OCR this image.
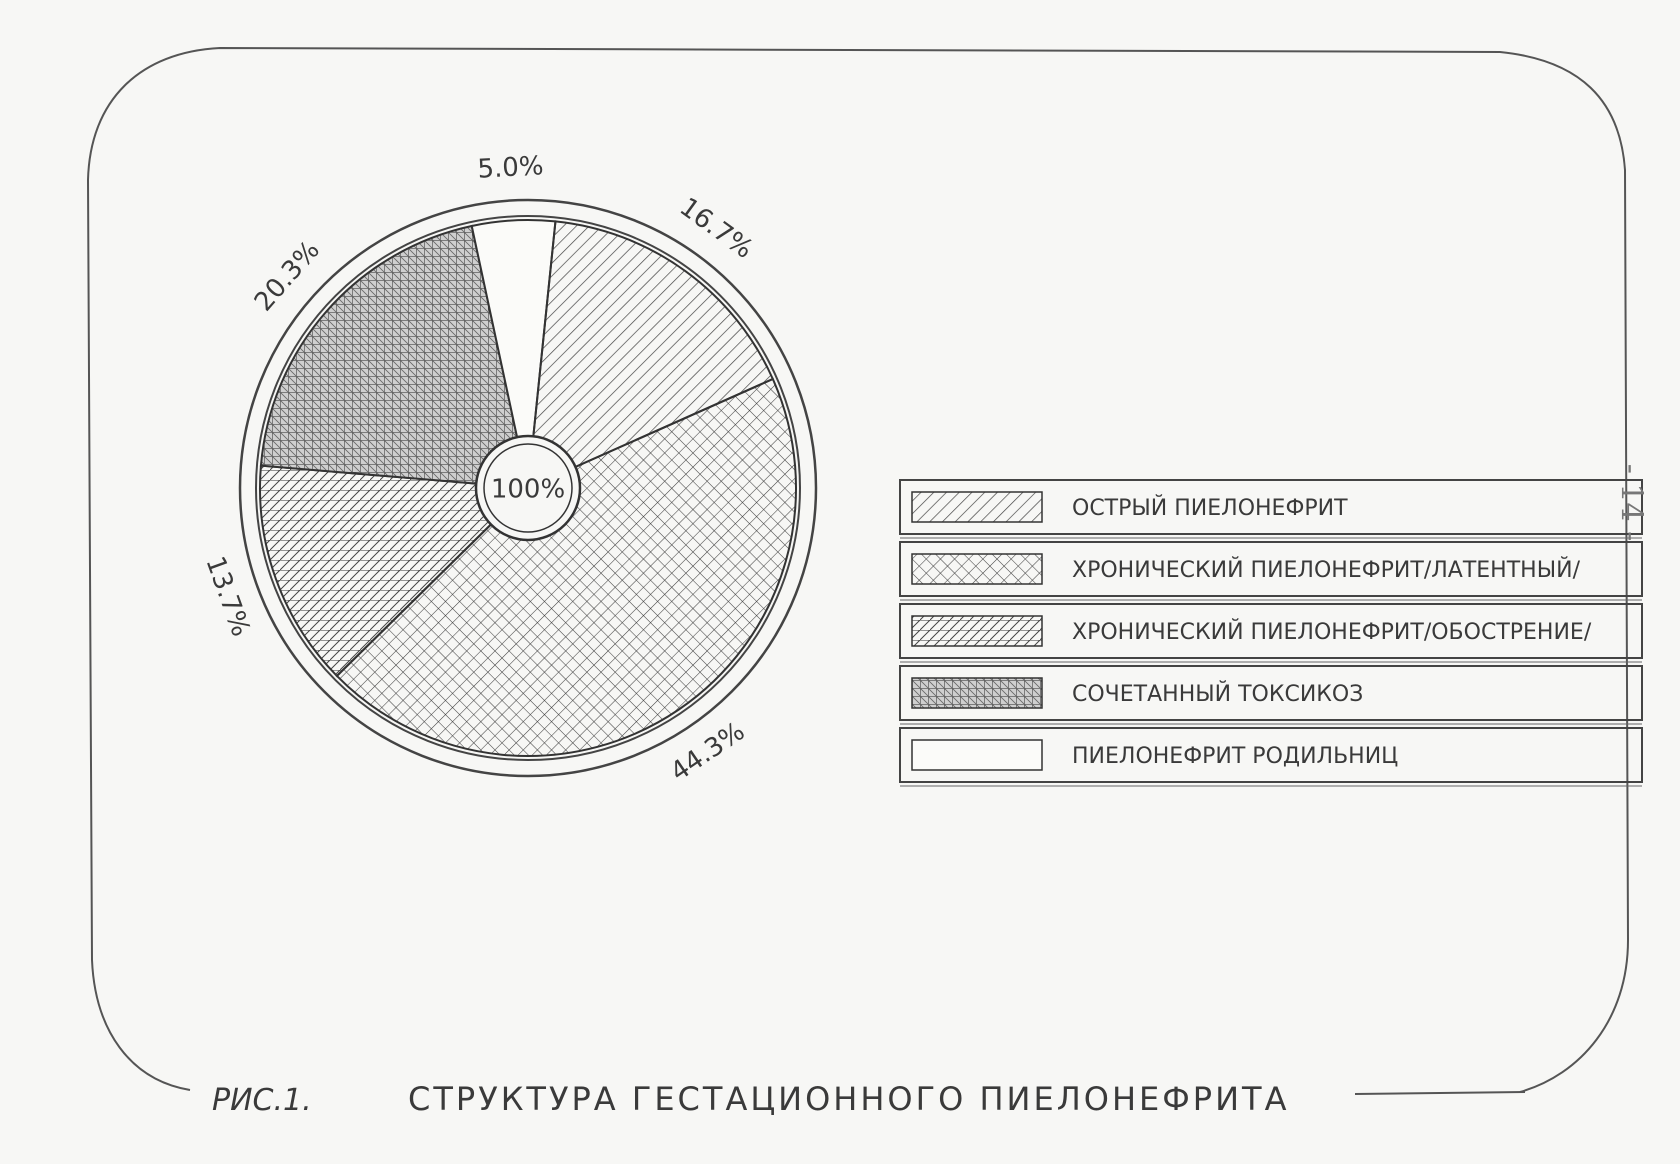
44.3%
13.7%
20.3%
5.0%
16.7%
100%
ОСТРЫЙ ПИЕЛОНЕФРИТ
ХРОНИЧЕСКИЙ ПИЕЛОНЕФРИТ/ЛАТЕНТНЫЙ/
ХРОНИЧЕСКИЙ ПИЕЛОНЕФРИТ/ОБОСТРЕНИЕ/
СОЧЕТАННЫЙ ТОКСИКОЗ
ПИЕЛОНЕФРИТ РОДИЛЬНИЦ
РИС.1.	СТРУКТУРА ГЕСТАЦИОННОГО ПИЕЛОНЕФРИТА
- 14 -
